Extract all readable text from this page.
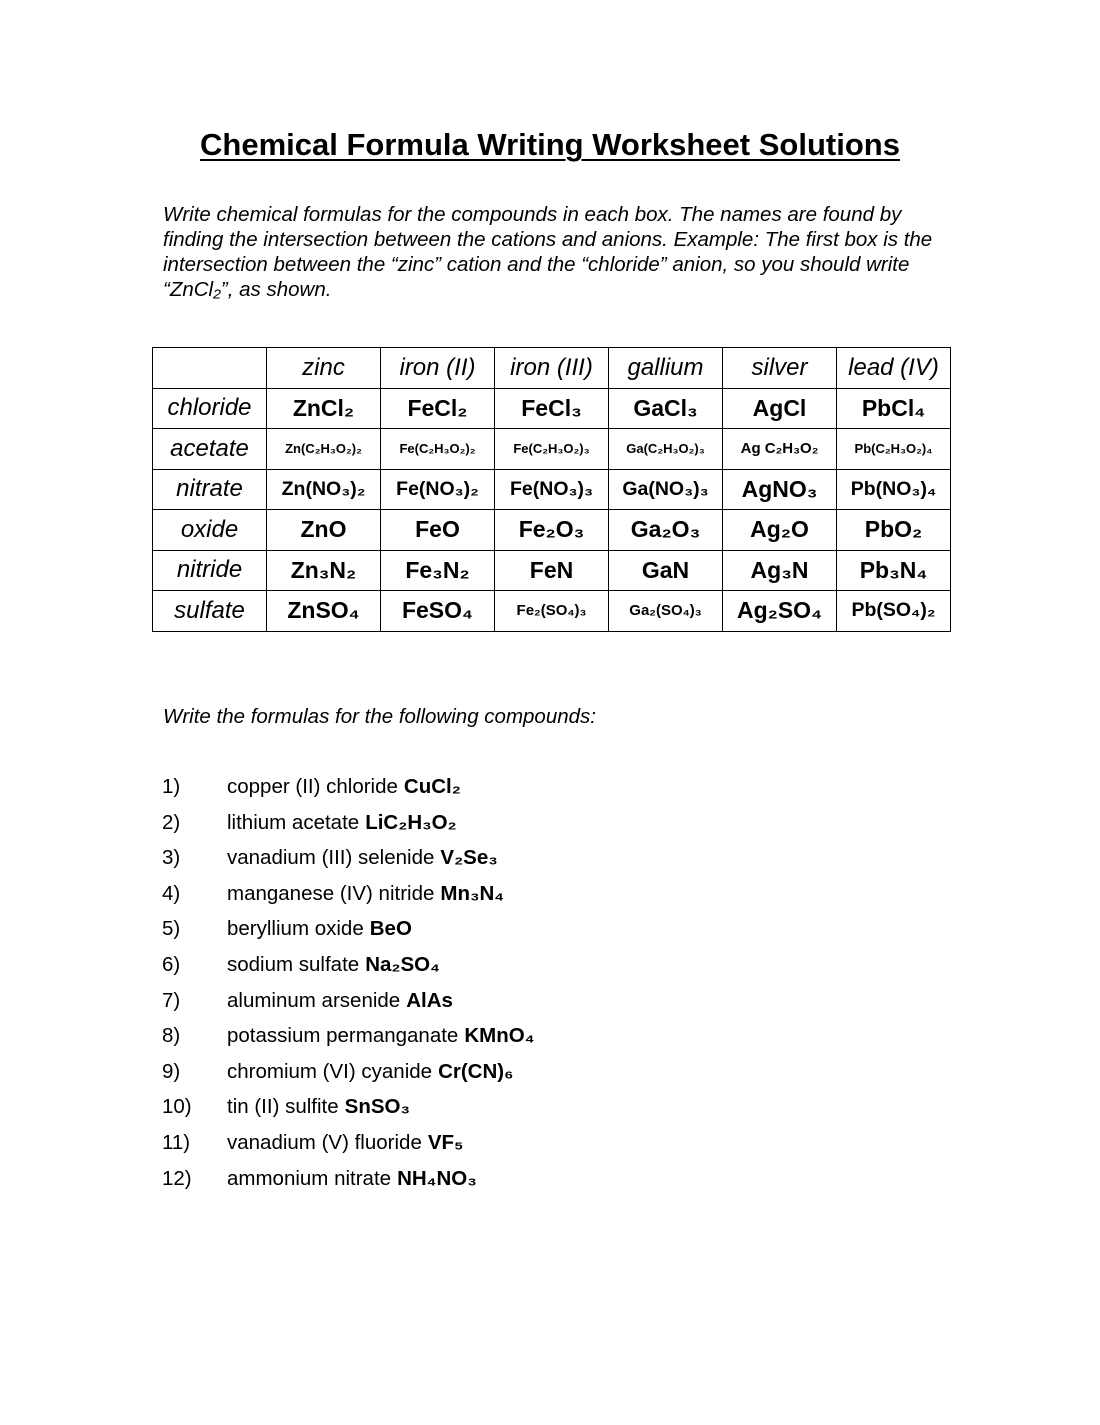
Chemical Formula Writing Worksheet Solutions
Write chemical formulas for the compounds in each box. The names are found by finding the intersection between the cations and anions. Example: The first box is the intersection between the “zinc” cation and the “chloride” anion, so you should write “ZnCl₂”, as shown.
	zinc	iron (II)	iron (III)	gallium	silver	lead (IV)
chloride	ZnCl₂	FeCl₂	FeCl₃	GaCl₃	AgCl	PbCl₄
acetate	Zn(C₂H₃O₂)₂	Fe(C₂H₃O₂)₂	Fe(C₂H₃O₂)₃	Ga(C₂H₃O₂)₃	Ag C₂H₃O₂	Pb(C₂H₃O₂)₄
nitrate	Zn(NO₃)₂	Fe(NO₃)₂	Fe(NO₃)₃	Ga(NO₃)₃	AgNO₃	Pb(NO₃)₄
oxide	ZnO	FeO	Fe₂O₃	Ga₂O₃	Ag₂O	PbO₂
nitride	Zn₃N₂	Fe₃N₂	FeN	GaN	Ag₃N	Pb₃N₄
sulfate	ZnSO₄	FeSO₄	Fe₂(SO₄)₃	Ga₂(SO₄)₃	Ag₂SO₄	Pb(SO₄)₂
Write the formulas for the following compounds:
1)	copper (II) chloride CuCl₂
2)	lithium acetate LiC₂H₃O₂
3)	vanadium (III) selenide V₂Se₃
4)	manganese (IV) nitride Mn₃N₄
5)	beryllium oxide BeO
6)	sodium sulfate Na₂SO₄
7)	aluminum arsenide AlAs
8)	potassium permanganate KMnO₄
9)	chromium (VI) cyanide Cr(CN)₆
10)	tin (II) sulfite SnSO₃
11)	vanadium (V) fluoride VF₅
12)	ammonium nitrate NH₄NO₃
